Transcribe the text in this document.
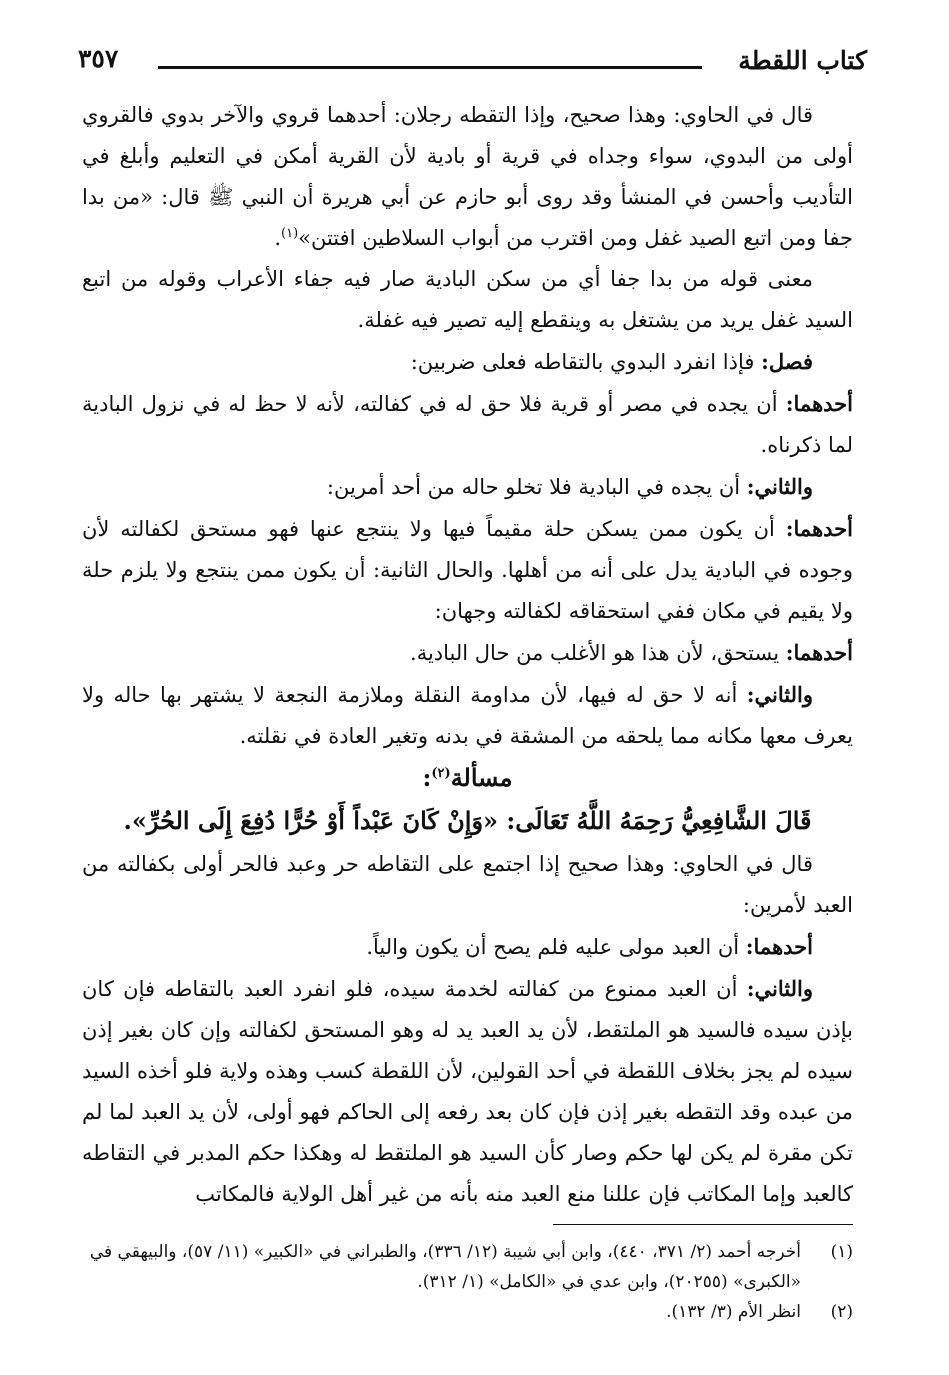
كتاب اللقطة
٣٥٧

قال في الحاوي: وهذا صحيح، وإذا التقطه رجلان: أحدهما قروي والآخر بدوي فالقروي أولى من البدوي، سواء وجداه في قرية أو بادية لأن القرية أمكن في التعليم وأبلغ في التأديب وأحسن في المنشأ وقد روى أبو حازم عن أبي هريرة أن النبي ﷺ قال: «من بدا جفا ومن اتبع الصيد غفل ومن اقترب من أبواب السلاطين افتتن»$^{(١)}$.

معنى قوله من بدا جفا أي من سكن البادية صار فيه جفاء الأعراب وقوله من اتبع السيد غفل يريد من يشتغل به وينقطع إليه تصير فيه غفلة.

فصل: فإذا انفرد البدوي بالتقاطه فعلى ضربين:

أحدهما: أن يجده في مصر أو قرية فلا حق له في كفالته، لأنه لا حظ له في نزول البادية لما ذكرناه.

والثاني: أن يجده في البادية فلا تخلو حاله من أحد أمرين:

أحدهما: أن يكون ممن يسكن حلة مقيماً فيها ولا ينتجع عنها فهو مستحق لكفالته لأن وجوده في البادية يدل على أنه من أهلها. والحال الثانية: أن يكون ممن ينتجع ولا يلزم حلة ولا يقيم في مكان ففي استحقاقه لكفالته وجهان:

أحدهما: يستحق، لأن هذا هو الأغلب من حال البادية.

والثاني: أنه لا حق له فيها، لأن مداومة النقلة وملازمة النجعة لا يشتهر بها حاله ولا يعرف معها مكانه مما يلحقه من المشقة في بدنه وتغير العادة في نقلته.

مسألة$^{(٢)}$:

قَالَ الشَّافِعِيُّ رَحِمَهُ اللَّهُ تَعَالَى: «وَإِنْ كَانَ عَبْداً أَوْ حُرًّا دُفِعَ إِلَى الحُرِّ».

قال في الحاوي: وهذا صحيح إذا اجتمع على التقاطه حر وعبد فالحر أولى بكفالته من العبد لأمرين:

أحدهما: أن العبد مولى عليه فلم يصح أن يكون والياً.

والثاني: أن العبد ممنوع من كفالته لخدمة سيده، فلو انفرد العبد بالتقاطه فإن كان بإذن سيده فالسيد هو الملتقط، لأن يد العبد يد له وهو المستحق لكفالته وإن كان بغير إذن سيده لم يجز بخلاف اللقطة في أحد القولين، لأن اللقطة كسب وهذه ولاية فلو أخذه السيد من عبده وقد التقطه بغير إذن فإن كان بعد رفعه إلى الحاكم فهو أولى، لأن يد العبد لما لم تكن مقرة لم يكن لها حكم وصار كأن السيد هو الملتقط له وهكذا حكم المدبر في التقاطه كالعبد وإما المكاتب فإن عللنا منع العبد منه بأنه من غير أهل الولاية فالمكاتب

(١)
أخرجه أحمد (٢/ ٣٧١، ٤٤٠)، وابن أبي شيبة (١٢/ ٣٣٦)، والطبراني في «الكبير» (١١/ ٥٧)، والبيهقي في «الكبرى» (٢٠٢٥٥)، وابن عدي في «الكامل» (١/ ٣١٢).
(٢)
انظر الأم (٣/ ١٣٢).
